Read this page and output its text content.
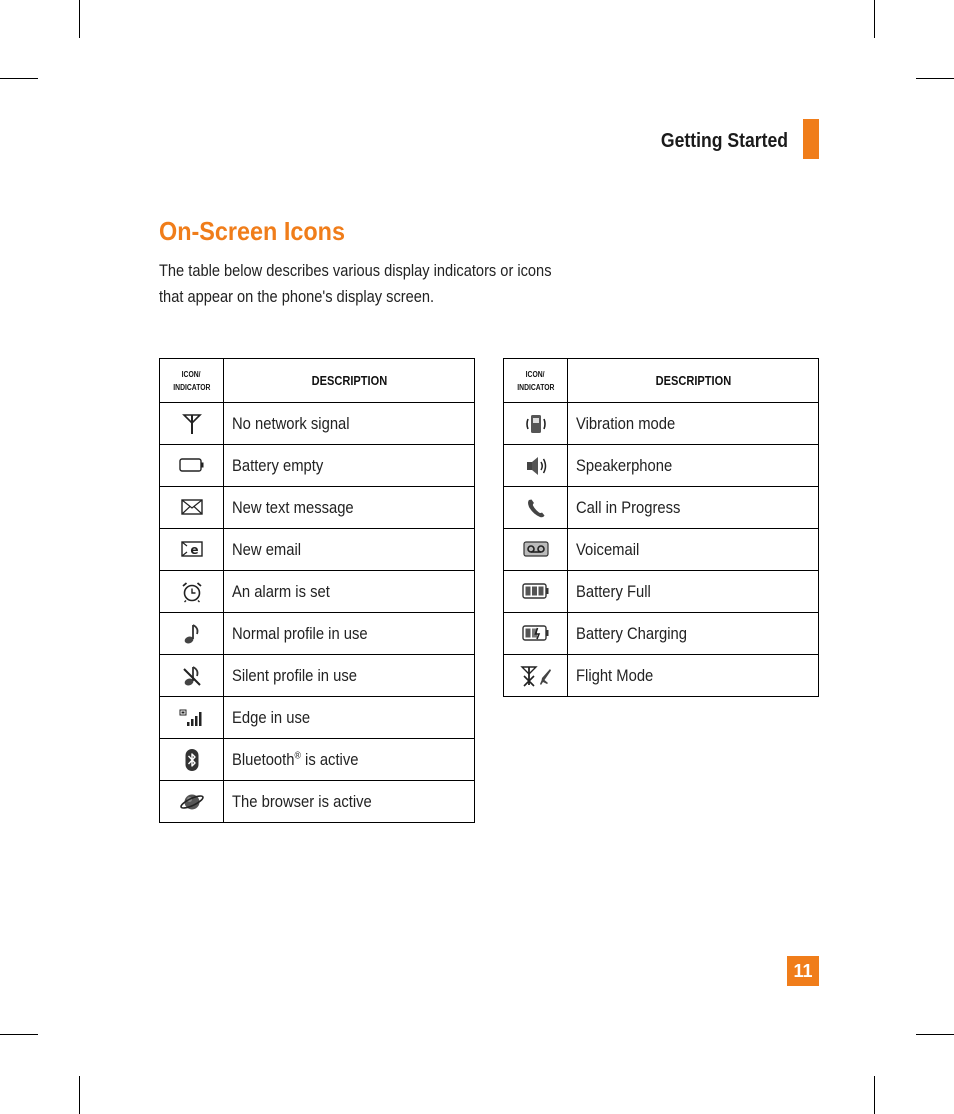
Getting Started
On-Screen Icons
The table below describes various display indicators or icons
that appear on the phone's display screen.
ICON/
INDICATOR	DESCRIPTION
	No network signal
	Battery empty
	New text message

e	New email
	An alarm is set
	Normal profile in use
	Silent profile in use
	Edge in use
	Bluetooth® is active
	The browser is active
ICON/
INDICATOR	DESCRIPTION
	Vibration mode
	Speakerphone
	Call in Progress
	Voicemail
	Battery Full
	Battery Charging
	Flight Mode
11
